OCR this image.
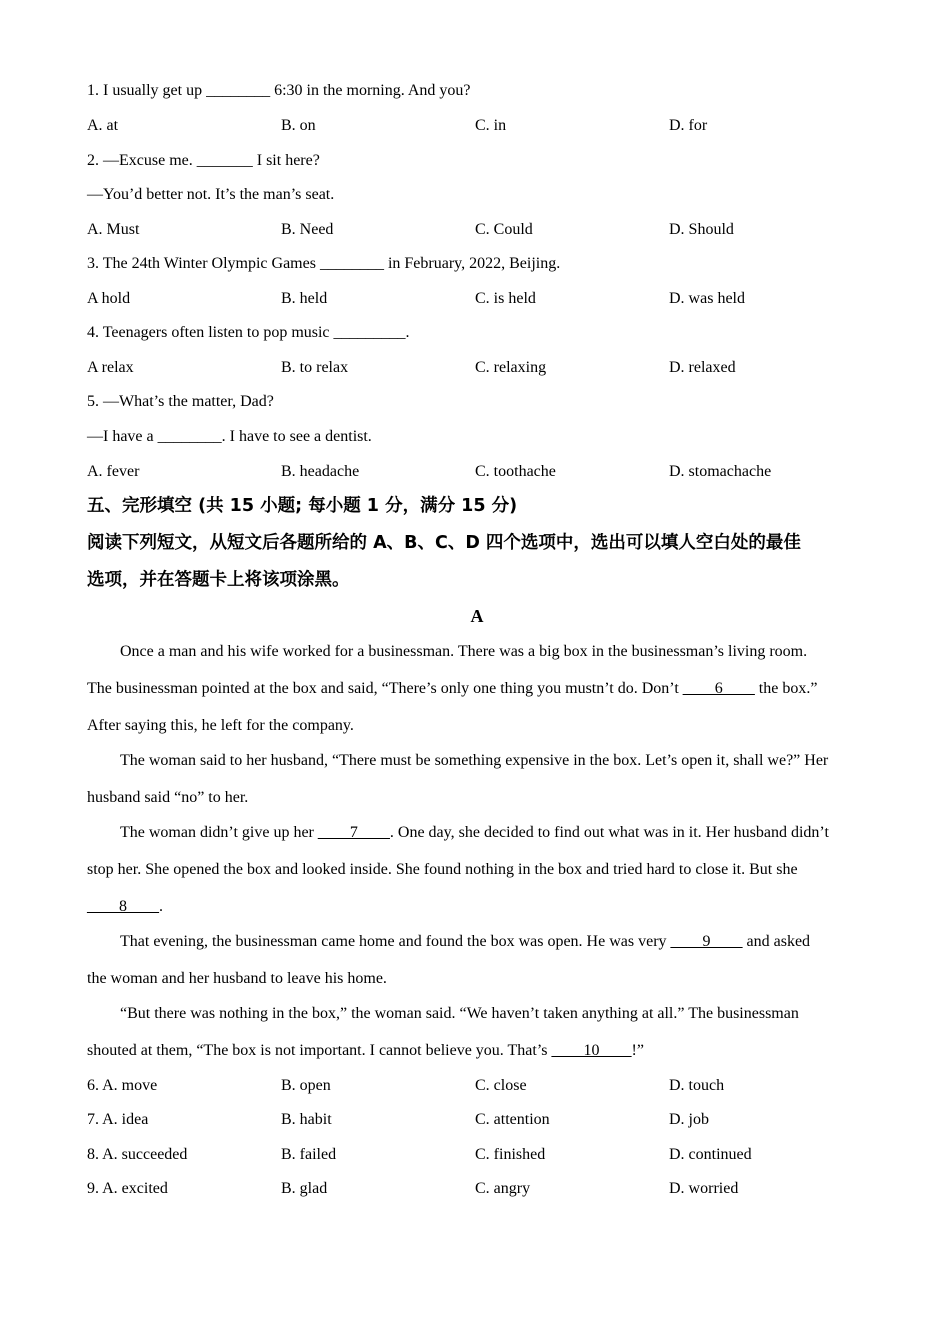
1. I usually get up ________ 6:30 in the morning. And you?
A. at	B. on	C. in	D. for
2. —Excuse me. _______ I sit here?
—You’d better not. It’s the man’s seat.
A. Must	B. Need	C. Could	D. Should
3. The 24th Winter Olympic Games ________ in February, 2022, Beijing.
A hold	B. held	C. is held	D. was held
4. Teenagers often listen to pop music _________.
A relax	B. to relax	C. relaxing	D. relaxed
5. —What’s the matter, Dad?
—I have a ________. I have to see a dentist.
A. fever	B. headache	C. toothache	D. stomachache
五、完形填空 (共 15 小题; 每小题 1 分，满分 15 分)
阅读下列短文，从短文后各题所给的 A、B、C、D 四个选项中，选出可以填人空白处的最佳
选项，并在答题卡上将该项涂黑。
A
Once a man and his wife worked for a businessman. There was a big box in the businessman’s living room.
The businessman pointed at the box and said, “There’s only one thing you mustn’t do. Don’t ____6____ the box.”
After saying this, he left for the company.
The woman said to her husband, “There must be something expensive in the box. Let’s open it, shall we?” Her
husband said “no” to her.
The woman didn’t give up her ____7____. One day, she decided to find out what was in it. Her husband didn’t
stop her. She opened the box and looked inside. She found nothing in the box and tried hard to close it. But she
____8____.
That evening, the businessman came home and found the box was open. He was very ____9____ and asked
the woman and her husband to leave his home.
“But there was nothing in the box,” the woman said. “We haven’t taken anything at all.” The businessman
shouted at them, “The box is not important. I cannot believe you. That’s ____10____!”
6. A. move	B. open	C. close	D. touch
7. A. idea	B. habit	C. attention	D. job
8. A. succeeded	B. failed	C. finished	D. continued
9. A. excited	B. glad	C. angry	D. worried
